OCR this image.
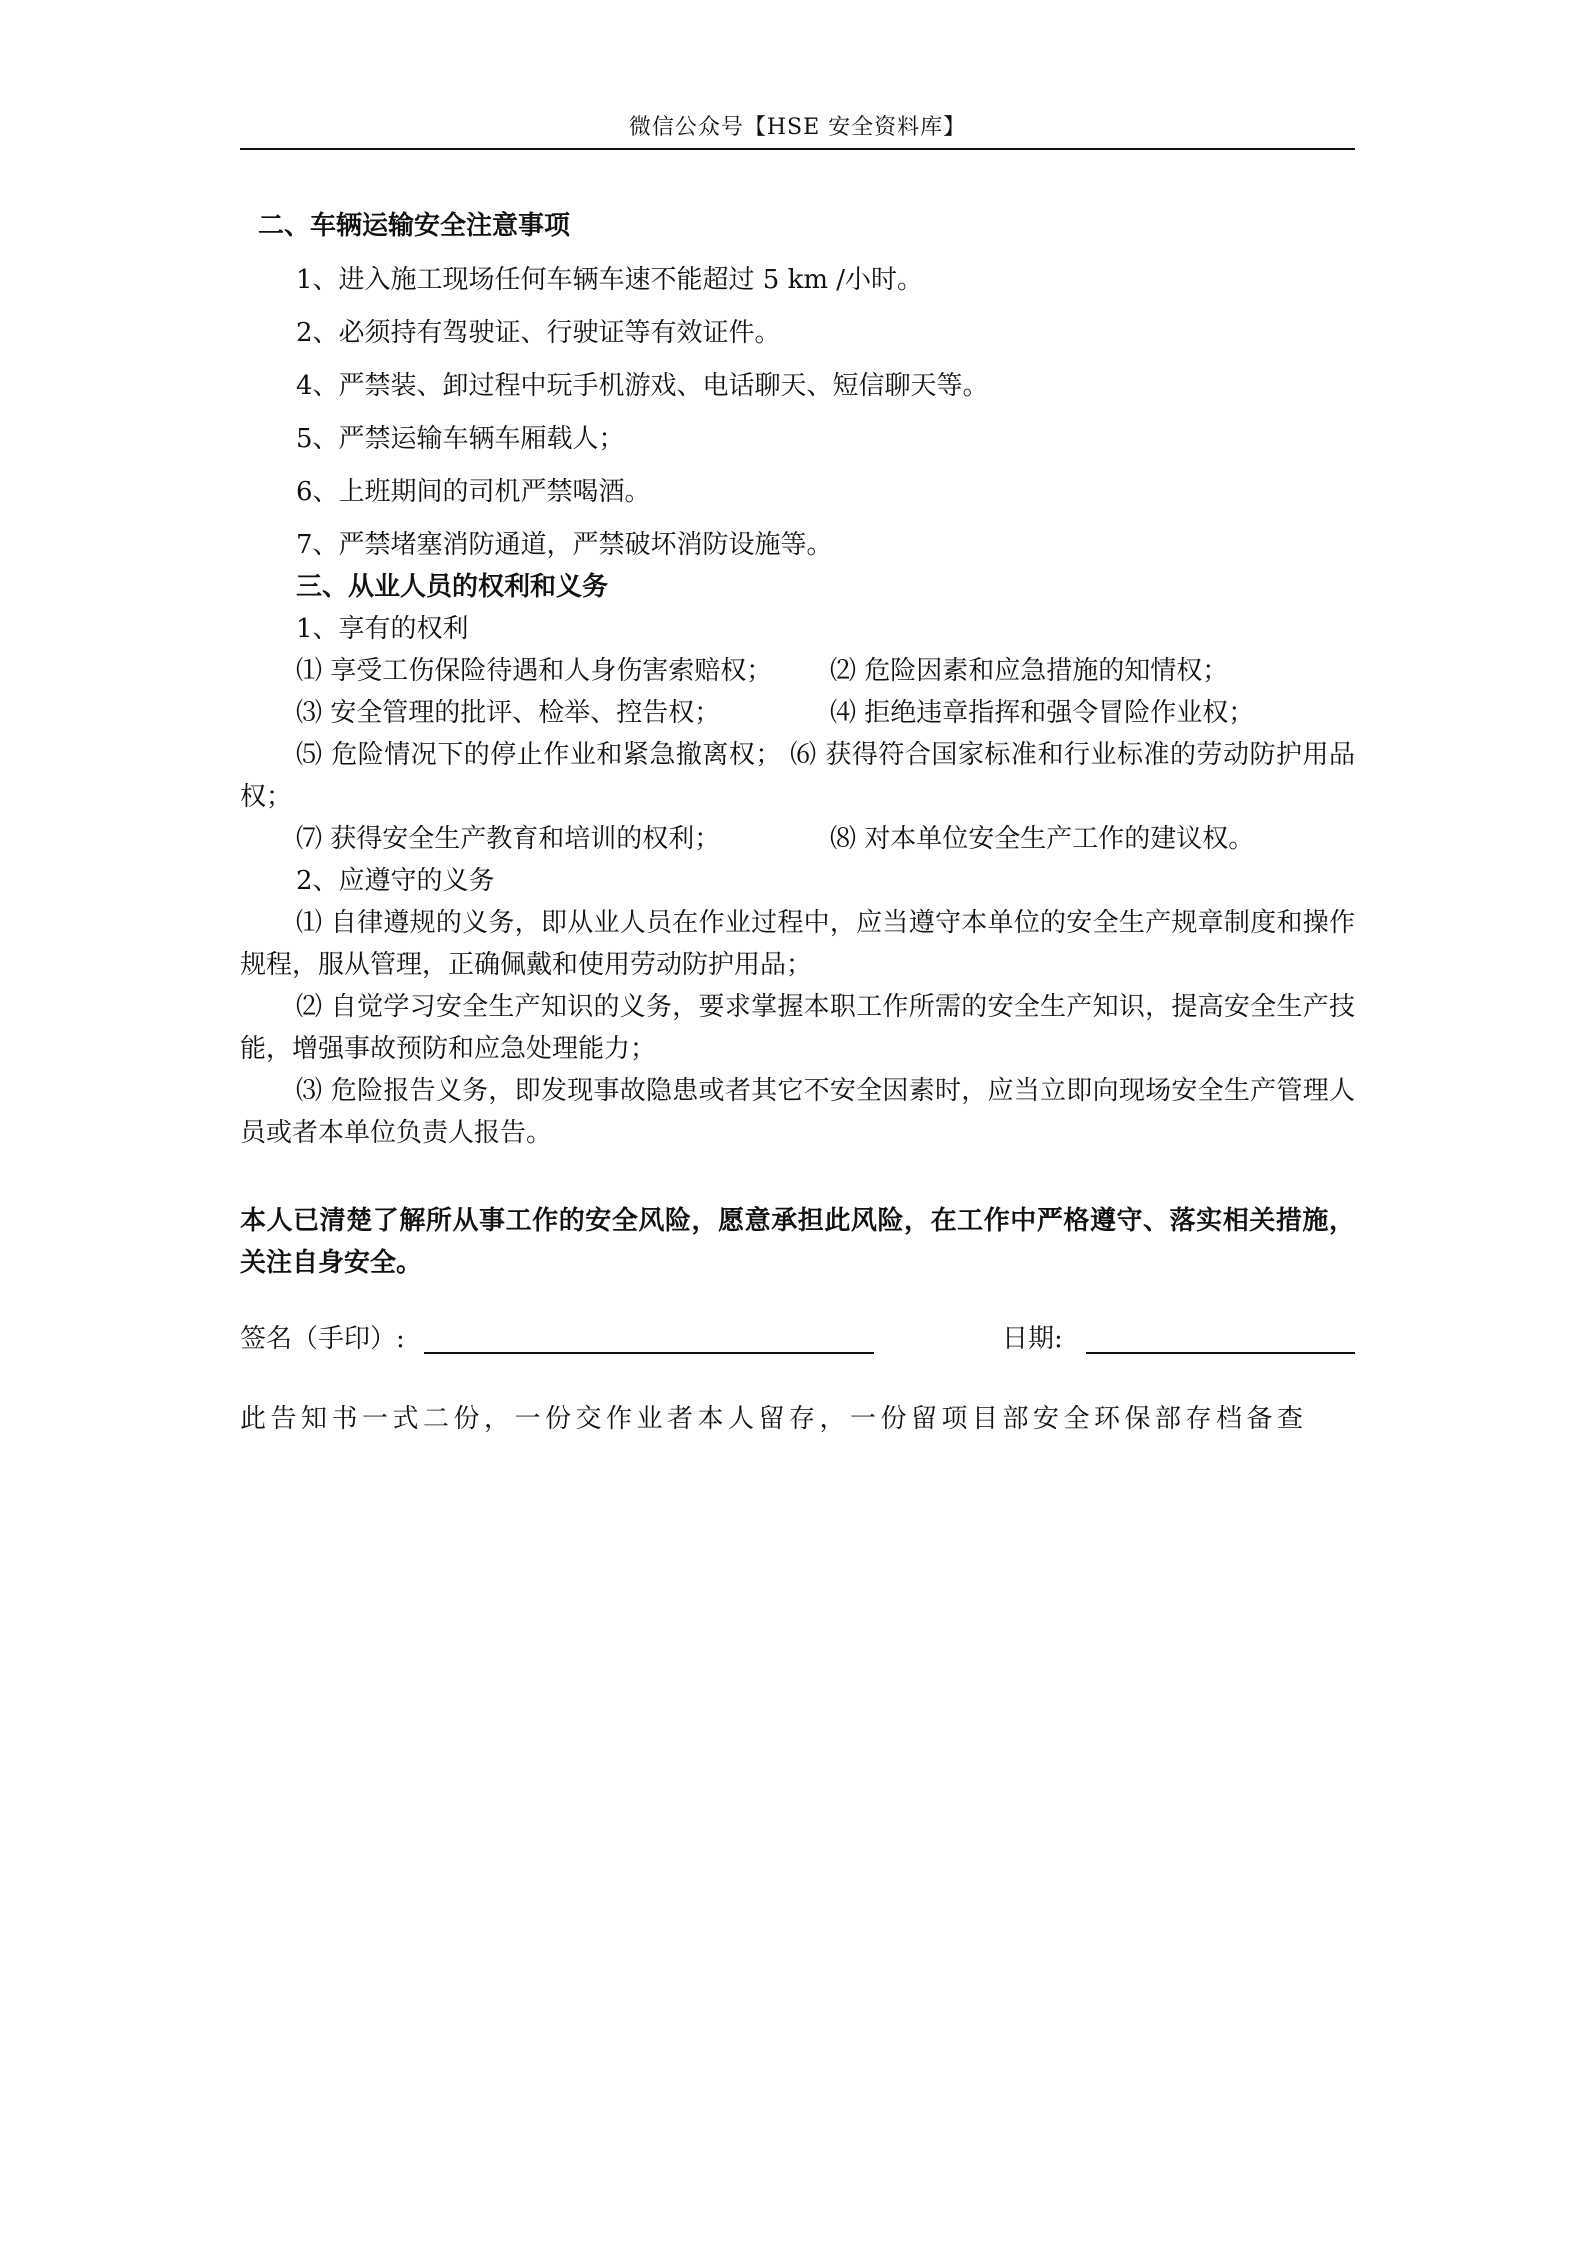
微信公众号【HSE 安全资料库】

二、车辆运输安全注意事项

1、进入施工现场任何车辆车速不能超过 5 km /小时。

2、必须持有驾驶证、行驶证等有效证件。

4、严禁装、卸过程中玩手机游戏、电话聊天、短信聊天等。

5、严禁运输车辆车厢载人；

6、上班期间的司机严禁喝酒。

7、严禁堵塞消防通道，严禁破坏消防设施等。

三、从业人员的权利和义务

1、享有的权利

⑴ 享受工伤保险待遇和人身伤害索赔权；	⑵ 危险因素和应急措施的知情权；
⑶ 安全管理的批评、检举、控告权；	⑷ 拒绝违章指挥和强令冒险作业权；

⑸ 危险情况下的停止作业和紧急撤离权； ⑹ 获得符合国家标准和行业标准的劳动防护用品权；

⑺ 获得安全生产教育和培训的权利；	⑻ 对本单位安全生产工作的建议权。

2、应遵守的义务

⑴ 自律遵规的义务，即从业人员在作业过程中，应当遵守本单位的安全生产规章制度和操作规程，服从管理，正确佩戴和使用劳动防护用品；

⑵ 自觉学习安全生产知识的义务，要求掌握本职工作所需的安全生产知识，提高安全生产技能，增强事故预防和应急处理能力；

⑶ 危险报告义务，即发现事故隐患或者其它不安全因素时，应当立即向现场安全生产管理人员或者本单位负责人报告。

本人已清楚了解所从事工作的安全风险，愿意承担此风险，在工作中严格遵守、落实相关措施，关注自身安全。

签名（手印）:	日期:

此告知书一式二份，一份交作业者本人留存，一份留项目部安全环保部存档备查
